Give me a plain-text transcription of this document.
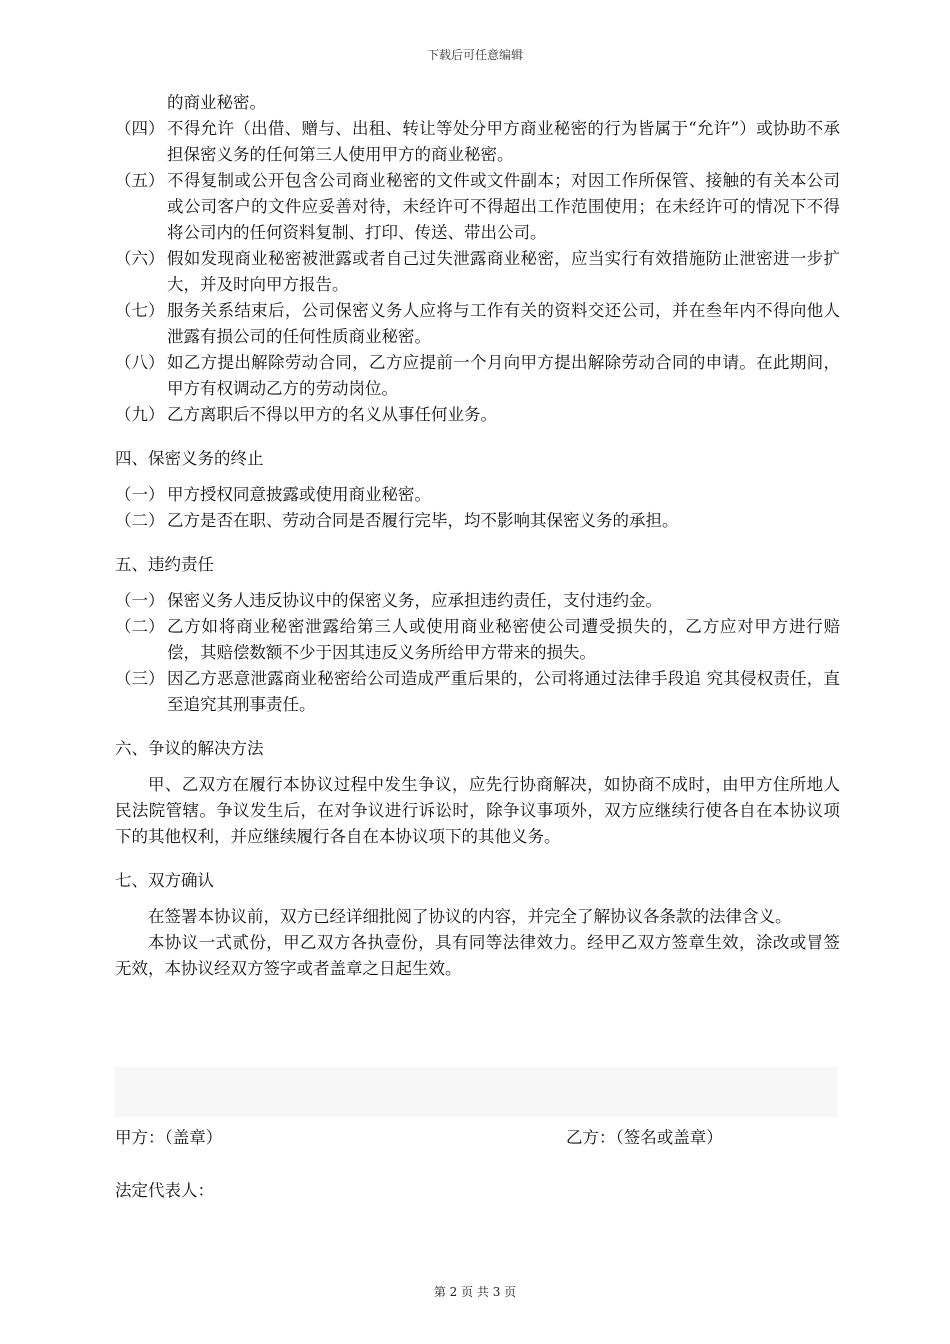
下载后可任意编辑
的商业秘密。
（四） 不得允许（出借、赠与、出租、转让等处分甲方商业秘密的行为皆属于“允许”）或协助不承担保密义务的任何第三人使用甲方的商业秘密。
（五） 不得复制或公开包含公司商业秘密的文件或文件副本；对因工作所保管、接触的有关本公司或公司客户的文件应妥善对待，未经许可不得超出工作范围使用；在未经许可的情况下不得将公司内的任何资料复制、打印、传送、带出公司。
（六） 假如发现商业秘密被泄露或者自己过失泄露商业秘密，应当实行有效措施防止泄密进一步扩大，并及时向甲方报告。
（七） 服务关系结束后，公司保密义务人应将与工作有关的资料交还公司，并在叁年内不得向他人泄露有损公司的任何性质商业秘密。
（八） 如乙方提出解除劳动合同，乙方应提前一个月向甲方提出解除劳动合同的申请。在此期间，甲方有权调动乙方的劳动岗位。
（九） 乙方离职后不得以甲方的名义从事任何业务。
四、保密义务的终止
（一） 甲方授权同意披露或使用商业秘密。
（二） 乙方是否在职、劳动合同是否履行完毕，均不影响其保密义务的承担。
五、违约责任
（一） 保密义务人违反协议中的保密义务，应承担违约责任，支付违约金。
（二） 乙方如将商业秘密泄露给第三人或使用商业秘密使公司遭受损失的，乙方应对甲方进行赔偿，其赔偿数额不少于因其违反义务所给甲方带来的损失。
（三） 因乙方恶意泄露商业秘密给公司造成严重后果的，公司将通过法律手段追 究其侵权责任，直至追究其刑事责任。
六、争议的解决方法
甲、乙双方在履行本协议过程中发生争议，应先行协商解决，如协商不成时，由甲方住所地人民法院管辖。争议发生后，在对争议进行诉讼时，除争议事项外，双方应继续行使各自在本协议项下的其他权利，并应继续履行各自在本协议项下的其他义务。
七、双方确认
在签署本协议前，双方已经详细批阅了协议的内容，并完全了解协议各条款的法律含义。
本协议一式贰份，甲乙双方各执壹份，具有同等法律效力。经甲乙双方签章生效，涂改或冒签无效，本协议经双方签字或者盖章之日起生效。
甲方：（盖章）	乙方：（签名或盖章）
法定代表人：
第 2 页 共 3 页
